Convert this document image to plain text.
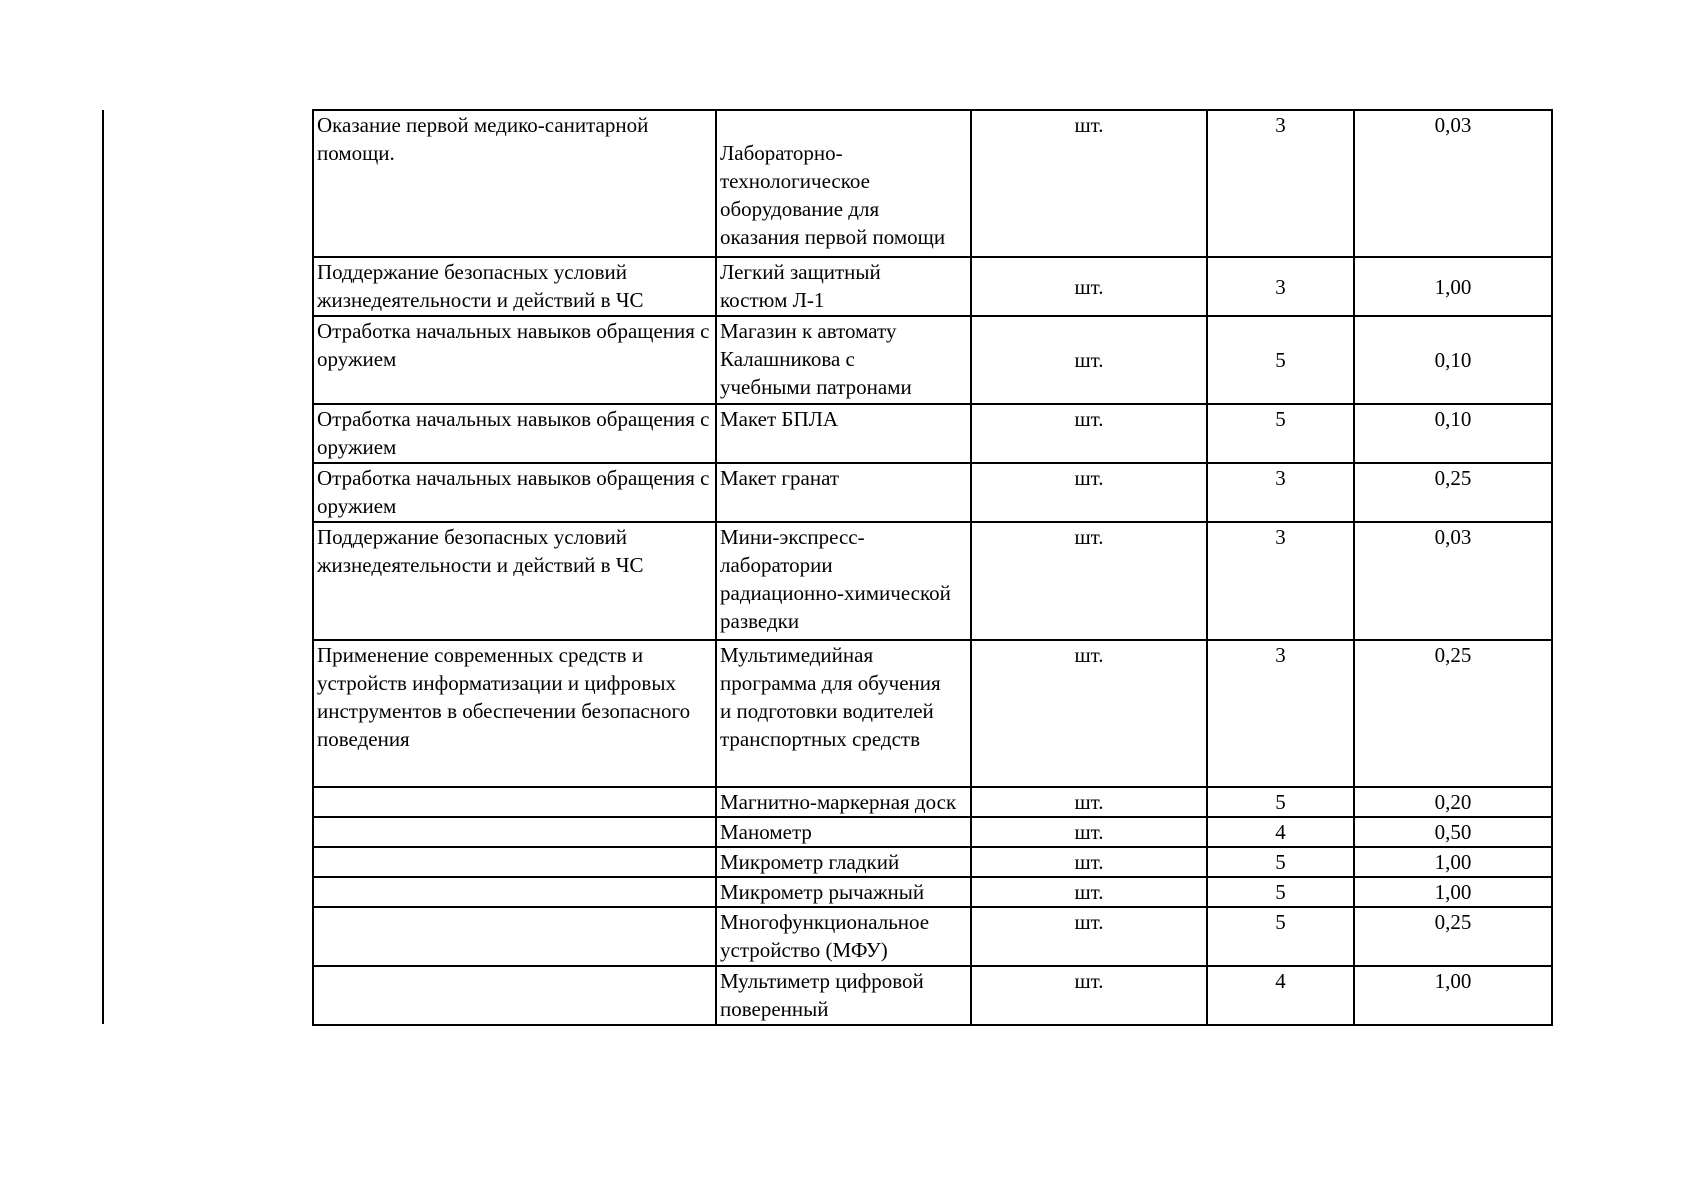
Оказание первой медико-санитарной помощи.	Лабораторно-
технологическое
оборудование для
оказания первой помощи	шт.	3	0,03
Поддержание безопасных условий жизнедеятельности и действий в ЧС	Легкий защитный
костюм Л-1	шт.	3	1,00
Отработка начальных навыков обращения с оружием	Магазин к автомату
Калашникова с
учебными патронами	шт.	5	0,10
Отработка начальных навыков обращения с оружием	Макет БПЛА	шт.	5	0,10
Отработка начальных навыков обращения с оружием	Макет гранат	шт.	3	0,25
Поддержание безопасных условий жизнедеятельности и действий в ЧС	Мини-экспресс-
лаборатории
радиационно-химической
разведки	шт.	3	0,03
Применение современных средств и устройств информатизации и цифровых инструментов в обеспечении безопасного поведения	Мультимедийная
программа для обучения
и подготовки водителей
транспортных средств	шт.	3	0,25
	Магнитно-маркерная доск	шт.	5	0,20
	Манометр	шт.	4	0,50
	Микрометр гладкий	шт.	5	1,00
	Микрометр рычажный	шт.	5	1,00
	Многофункциональное
устройство (МФУ)	шт.	5	0,25
	Мультиметр цифровой
поверенный	шт.	4	1,00
